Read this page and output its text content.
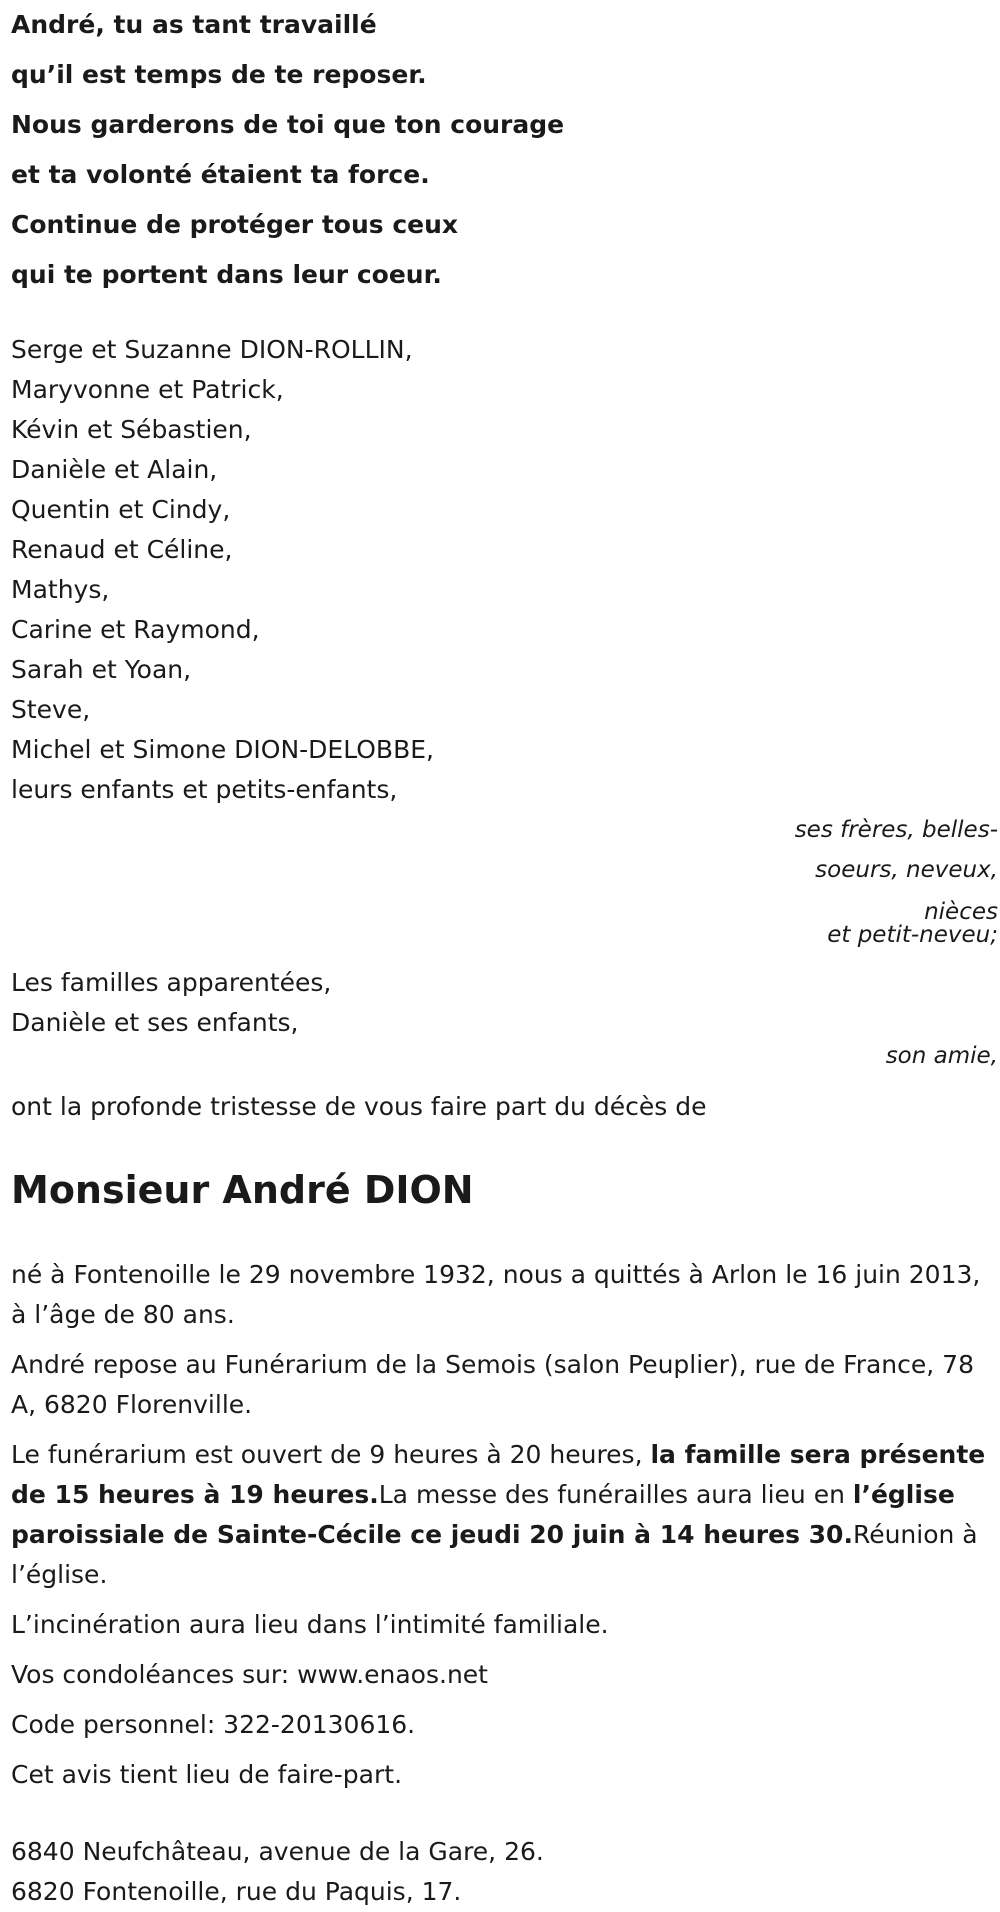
André, tu as tant travaillé

qu’il est temps de te reposer.

Nous garderons de toi que ton courage

et ta volonté étaient ta force.

Continue de protéger tous ceux

qui te portent dans leur coeur.

Serge et Suzanne DION-ROLLIN,
Maryvonne et Patrick,
Kévin et Sébastien,
Danièle et Alain,
Quentin et Cindy,
Renaud et Céline,
Mathys,
Carine et Raymond,
Sarah et Yoan,
Steve,
Michel et Simone DION-DELOBBE,
leurs enfants et petits-enfants,
ses frères, belles-
soeurs, neveux,
nièces
et petit-neveu;
Les familles apparentées,
Danièle et ses enfants,
son amie,
ont la profonde tristesse de vous faire part du décès de
Monsieur André DION

né à Fontenoille le 29 novembre 1932, nous a quittés à Arlon le 16 juin 2013, à l’âge de 80 ans.

André repose au Funérarium de la Semois (salon Peuplier), rue de France, 78 A, 6820 Florenville.

Le funérarium est ouvert de 9 heures à 20 heures, la famille sera présente de 15 heures à 19 heures.La messe des funérailles aura lieu en l’église paroissiale de Sainte-Cécile ce jeudi 20 juin à 14 heures 30.Réunion à l’église.

L’incinération aura lieu dans l’intimité familiale.

Vos condoléances sur: www.enaos.net

Code personnel: 322-20130616.

Cet avis tient lieu de faire-part.

6840 Neufchâteau, avenue de la Gare, 26.
6820 Fontenoille, rue du Paquis, 17.
